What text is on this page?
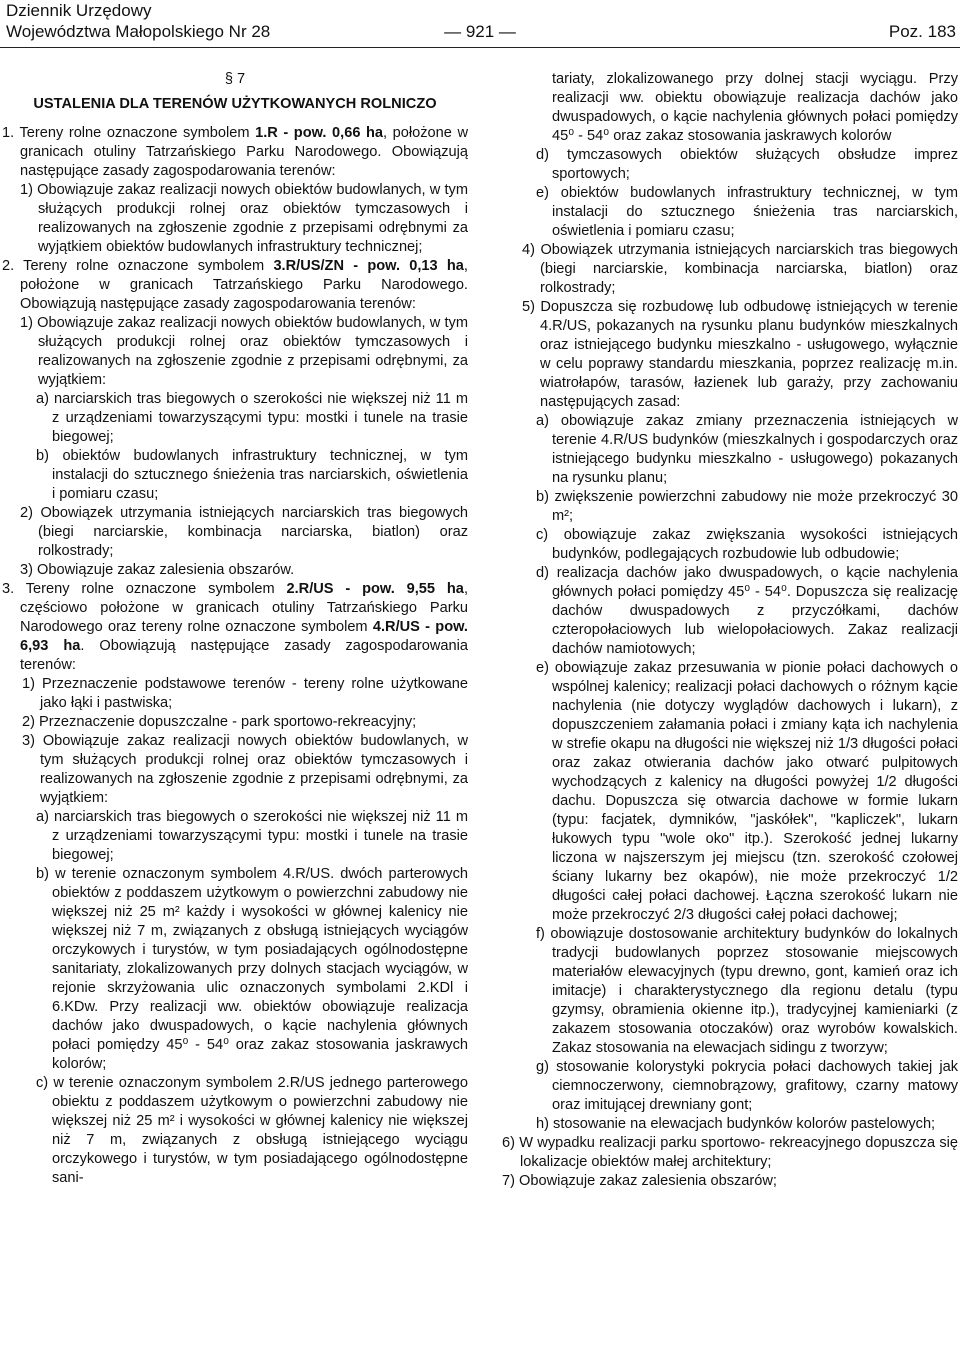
Dziennik Urzędowy
Województwa Małopolskiego Nr 28	— 921 —	Poz. 183

§ 7

USTALENIA DLA TERENÓW UŻYTKOWANYCH ROLNICZO

1. Tereny rolne oznaczone symbolem 1.R - pow. 0,66 ha, położone w granicach otuliny Tatrzańskiego Parku Narodowego. Obowiązują następujące zasady zagospodarowania terenów:

1) Obowiązuje zakaz realizacji nowych obiektów budowlanych, w tym służących produkcji rolnej oraz obiektów tymczasowych i realizowanych na zgłoszenie zgodnie z przepisami odrębnymi za wyjątkiem obiektów budowlanych infrastruktury technicznej;

2. Tereny rolne oznaczone symbolem 3.R/US/ZN - pow. 0,13 ha, położone w granicach Tatrzańskiego Parku Narodowego. Obowiązują następujące zasady zagospodarowania terenów:

1) Obowiązuje zakaz realizacji nowych obiektów budowlanych, w tym służących produkcji rolnej oraz obiektów tymczasowych i realizowanych na zgłoszenie zgodnie z przepisami odrębnymi, za wyjątkiem:

a) narciarskich tras biegowych o szerokości nie większej niż 11 m z urządzeniami towarzyszącymi typu: mostki i tunele na trasie biegowej;

b) obiektów budowlanych infrastruktury technicznej, w tym instalacji do sztucznego śnieżenia tras narciarskich, oświetlenia i pomiaru czasu;

2) Obowiązek utrzymania istniejących narciarskich tras biegowych (biegi narciarskie, kombinacja narciarska, biatlon) oraz rolkostrady;

3) Obowiązuje zakaz zalesienia obszarów.

3. Tereny rolne oznaczone symbolem 2.R/US - pow. 9,55 ha, częściowo położone w granicach otuliny Tatrzańskiego Parku Narodowego oraz tereny rolne oznaczone symbolem 4.R/US - pow. 6,93 ha. Obowiązują następujące zasady zagospodarowania terenów:

1) Przeznaczenie podstawowe terenów - tereny rolne użytkowane jako łąki i pastwiska;

2) Przeznaczenie dopuszczalne - park sportowo-rekreacyjny;

3) Obowiązuje zakaz realizacji nowych obiektów budowlanych, w tym służących produkcji rolnej oraz obiektów tymczasowych i realizowanych na zgłoszenie zgodnie z przepisami odrębnymi, za wyjątkiem:

a) narciarskich tras biegowych o szerokości nie większej niż 11 m z urządzeniami towarzyszącymi typu: mostki i tunele na trasie biegowej;

b) w terenie oznaczonym symbolem 4.R/US. dwóch parterowych obiektów z poddaszem użytkowym o powierzchni zabudowy nie większej niż 25 m² każdy i wysokości w głównej kalenicy nie większej niż 7 m, związanych z obsługą istniejących wyciągów orczykowych i turystów, w tym posiadających ogólnodostępne sanitariaty, zlokalizowanych przy dolnych stacjach wyciągów, w rejonie skrzyżowania ulic oznaczonych symbolami 2.KDl i 6.KDw. Przy realizacji ww. obiektów obowiązuje realizacja dachów jako dwuspadowych, o kącie nachylenia głównych połaci pomiędzy 45⁰ - 54⁰ oraz zakaz stosowania jaskrawych kolorów;

c) w terenie oznaczonym symbolem 2.R/US jednego parterowego obiektu z poddaszem użytkowym o powierzchni zabudowy nie większej niż 25 m² i wysokości w głównej kalenicy nie większej niż 7 m, związanych z obsługą istniejącego wyciągu orczykowego i turystów, w tym posiadającego ogólnodostępne sani-

tariaty, zlokalizowanego przy dolnej stacji wyciągu. Przy realizacji ww. obiektu obowiązuje realizacja dachów jako dwuspadowych, o kącie nachylenia głównych połaci pomiędzy 45⁰ - 54⁰ oraz zakaz stosowania jaskrawych kolorów

d) tymczasowych obiektów służących obsłudze imprez sportowych;

e) obiektów budowlanych infrastruktury technicznej, w tym instalacji do sztucznego śnieżenia tras narciarskich, oświetlenia i pomiaru czasu;

4) Obowiązek utrzymania istniejących narciarskich tras biegowych (biegi narciarskie, kombinacja narciarska, biatlon) oraz rolkostrady;

5) Dopuszcza się rozbudowę lub odbudowę istniejących w terenie 4.R/US, pokazanych na rysunku planu budynków mieszkalnych oraz istniejącego budynku mieszkalno - usługowego, wyłącznie w celu poprawy standardu mieszkania, poprzez realizację m.in. wiatrołapów, tarasów, łazienek lub garaży, przy zachowaniu następujących zasad:

a) obowiązuje zakaz zmiany przeznaczenia istniejących w terenie 4.R/US budynków (mieszkalnych i gospodarczych oraz istniejącego budynku mieszkalno - usługowego) pokazanych na rysunku planu;

b) zwiększenie powierzchni zabudowy nie może przekroczyć 30 m²;

c) obowiązuje zakaz zwiększania wysokości istniejących budynków, podlegających rozbudowie lub odbudowie;

d) realizacja dachów jako dwuspadowych, o kącie nachylenia głównych połaci pomiędzy 45⁰ - 54⁰. Dopuszcza się realizację dachów dwuspadowych z przyczółkami, dachów czteropołaciowych lub wielopołaciowych. Zakaz realizacji dachów namiotowych;

e) obowiązuje zakaz przesuwania w pionie połaci dachowych o wspólnej kalenicy; realizacji połaci dachowych o różnym kącie nachylenia (nie dotyczy wyglądów dachowych i lukarn), z dopuszczeniem załamania połaci i zmiany kąta ich nachylenia w strefie okapu na długości nie większej niż 1/3 długości połaci oraz zakaz otwierania dachów jako otwarć pulpitowych wychodzących z kalenicy na długości powyżej 1/2 długości dachu. Dopuszcza się otwarcia dachowe w formie lukarn (typu: facjatek, dymników, "jaskółek", "kapliczek", lukarn łukowych typu "wole oko" itp.). Szerokość jednej lukarny liczona w najszerszym jej miejscu (tzn. szerokość czołowej ściany lukarny bez okapów), nie może przekroczyć 1/2 długości całej połaci dachowej. Łączna szerokość lukarn nie może przekroczyć 2/3 długości całej połaci dachowej;

f) obowiązuje dostosowanie architektury budynków do lokalnych tradycji budowlanych poprzez stosowanie miejscowych materiałów elewacyjnych (typu drewno, gont, kamień oraz ich imitacje) i charakterystycznego dla regionu detalu (typu gzymsy, obramienia okienne itp.), tradycyjnej kamieniarki (z zakazem stosowania otoczaków) oraz wyrobów kowalskich. Zakaz stosowania na elewacjach sidingu z tworzyw;

g) stosowanie kolorystyki pokrycia połaci dachowych takiej jak ciemnoczerwony, ciemnobrązowy, grafitowy, czarny matowy oraz imitującej drewniany gont;

h) stosowanie na elewacjach budynków kolorów pastelowych;

6) W wypadku realizacji parku sportowo- rekreacyjnego dopuszcza się lokalizacje obiektów małej architektury;

7) Obowiązuje zakaz zalesienia obszarów;
